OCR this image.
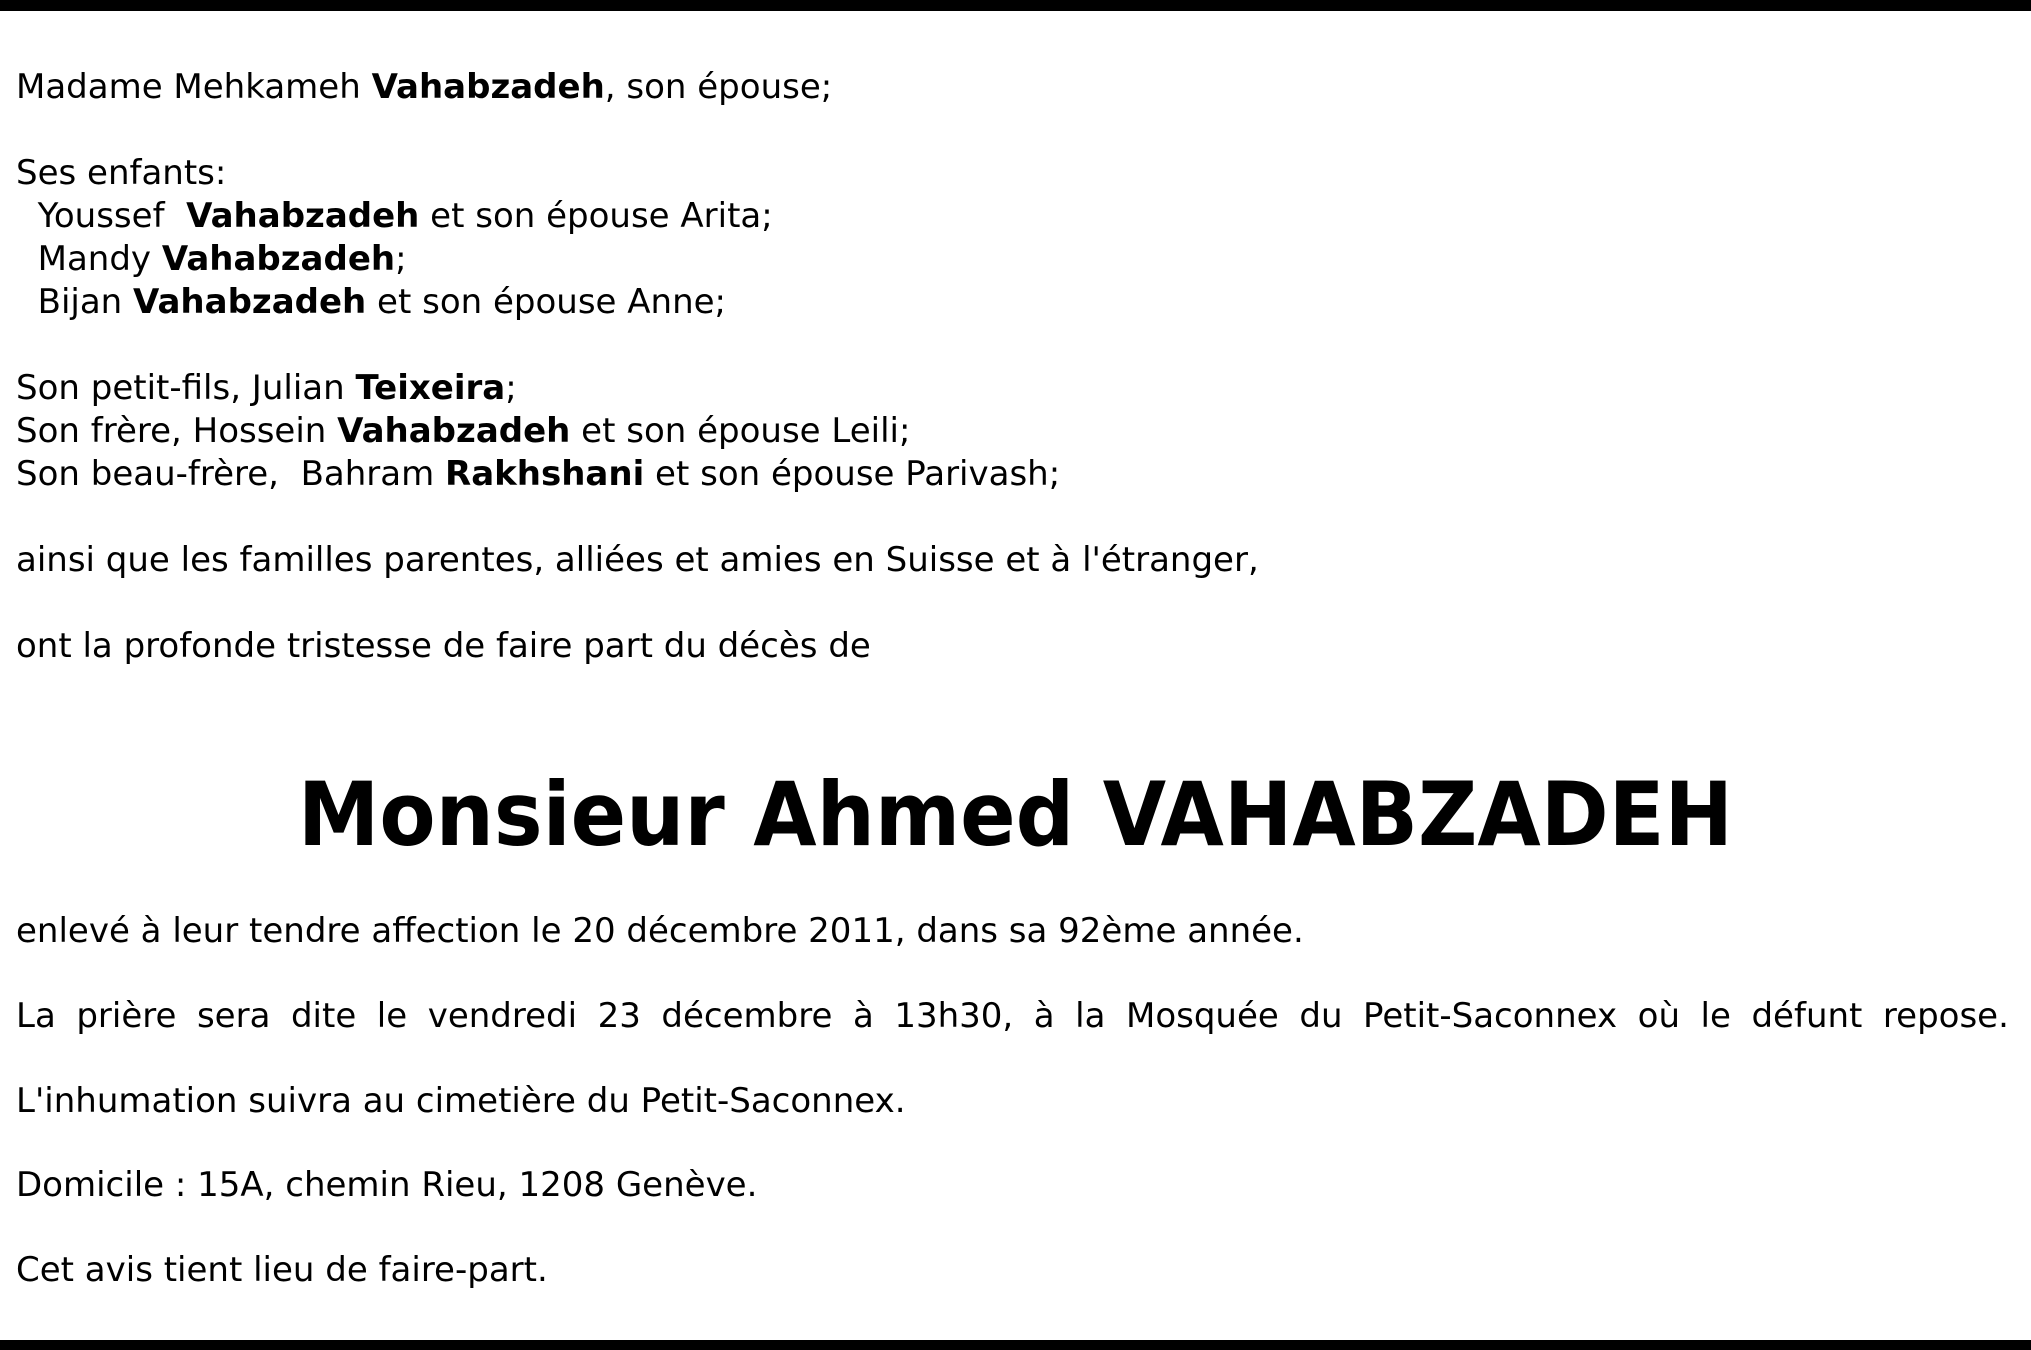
Madame Mehkameh Vahabzadeh, son épouse;
Ses enfants:
Youssef  Vahabzadeh et son épouse Arita;
Mandy Vahabzadeh;
Bijan Vahabzadeh et son épouse Anne;
Son petit-fils, Julian Teixeira;
Son frère, Hossein Vahabzadeh et son épouse Leili;
Son beau-frère,  Bahram Rakhshani et son épouse Parivash;
ainsi que les familles parentes, alliées et amies en Suisse et à l'étranger,
ont la profonde tristesse de faire part du décès de
Monsieur Ahmed VAHABZADEH
enlevé à leur tendre affection le 20 décembre 2011, dans sa 92ème année.
La prière sera dite le vendredi 23 décembre à 13h30, à la Mosquée du Petit-Saconnex où le défunt repose.
L'inhumation suivra au cimetière du Petit-Saconnex.
Domicile : 15A, chemin Rieu, 1208 Genève.
Cet avis tient lieu de faire-part.
